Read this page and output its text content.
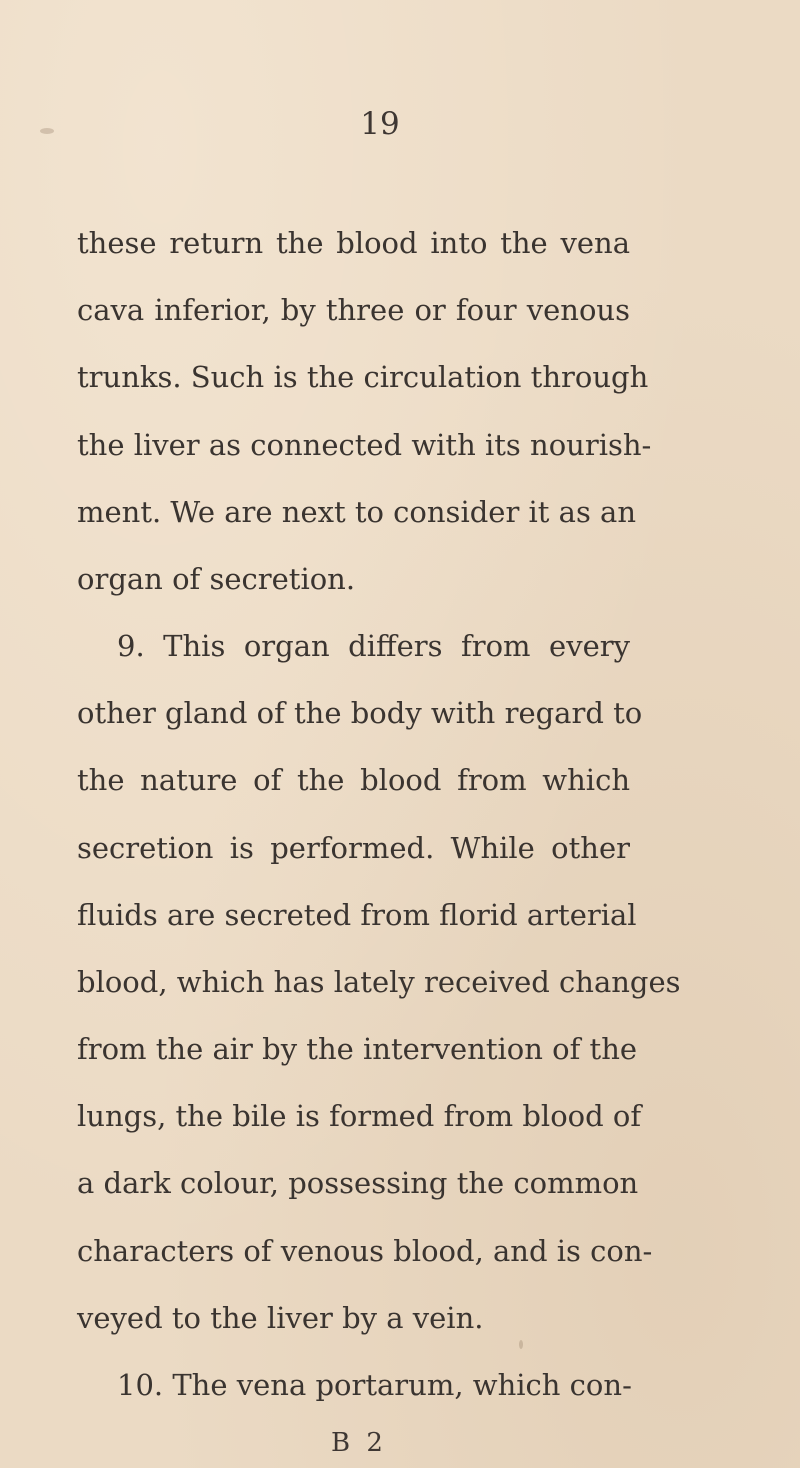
19
these return the blood into the vena
cava inferior, by three or four venous
trunks. Such is the circulation through
the liver as connected with its nourish-
ment. We are next to consider it as an
organ of secretion.
9. This organ differs from every
other gland of the body with regard to
the nature of the blood from which
secretion is performed. While other
fluids are secreted from florid arterial
blood, which has lately received changes
from the air by the intervention of the
lungs, the bile is formed from blood of
a dark colour, possessing the common
characters of venous blood, and is con-
veyed to the liver by a vein.
10. The vena portarum, which con-
B 2
